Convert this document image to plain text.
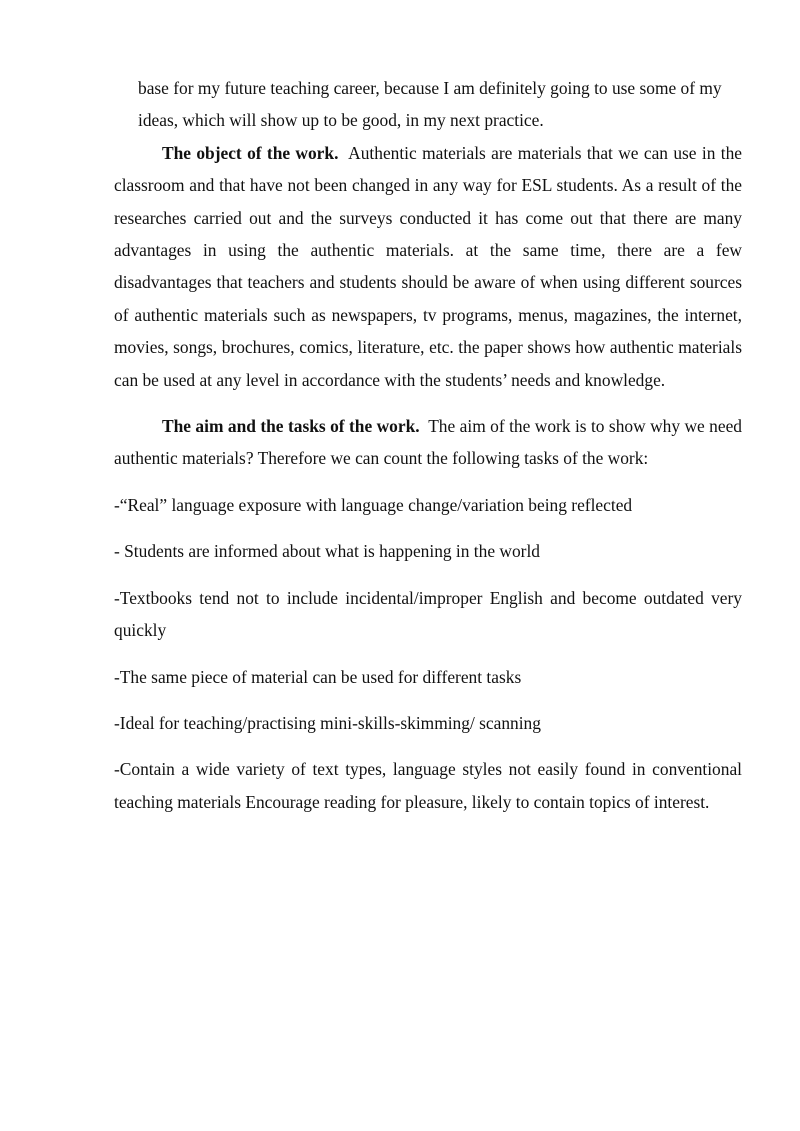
base for my future teaching career, because I am definitely going to use some of my ideas, which will show up to be good, in my next practice.

The object of the work. Authentic materials are materials that we can use in the classroom and that have not been changed in any way for ESL students. As a result of the researches carried out and the surveys conducted it has come out that there are many advantages in using the authentic materials. at the same time, there are a few disadvantages that teachers and students should be aware of when using different sources of authentic materials such as newspapers, tv programs, menus, magazines, the internet, movies, songs, brochures, comics, literature, etc. the paper shows how authentic materials can be used at any level in accordance with the students’ needs and knowledge.

The aim and the tasks of the work. The aim of the work is to show why we need authentic materials? Therefore we can count the following tasks of the work:

-“Real” language exposure with language change/variation being reflected

- Students are informed about what is happening in the world

-Textbooks tend not to include incidental/improper English and become outdated very quickly

-The same piece of material can be used for different tasks

-Ideal for teaching/practising mini-skills-skimming/ scanning

-Contain a wide variety of text types, language styles not easily found in conventional teaching materials Encourage reading for pleasure, likely to contain topics of interest.
